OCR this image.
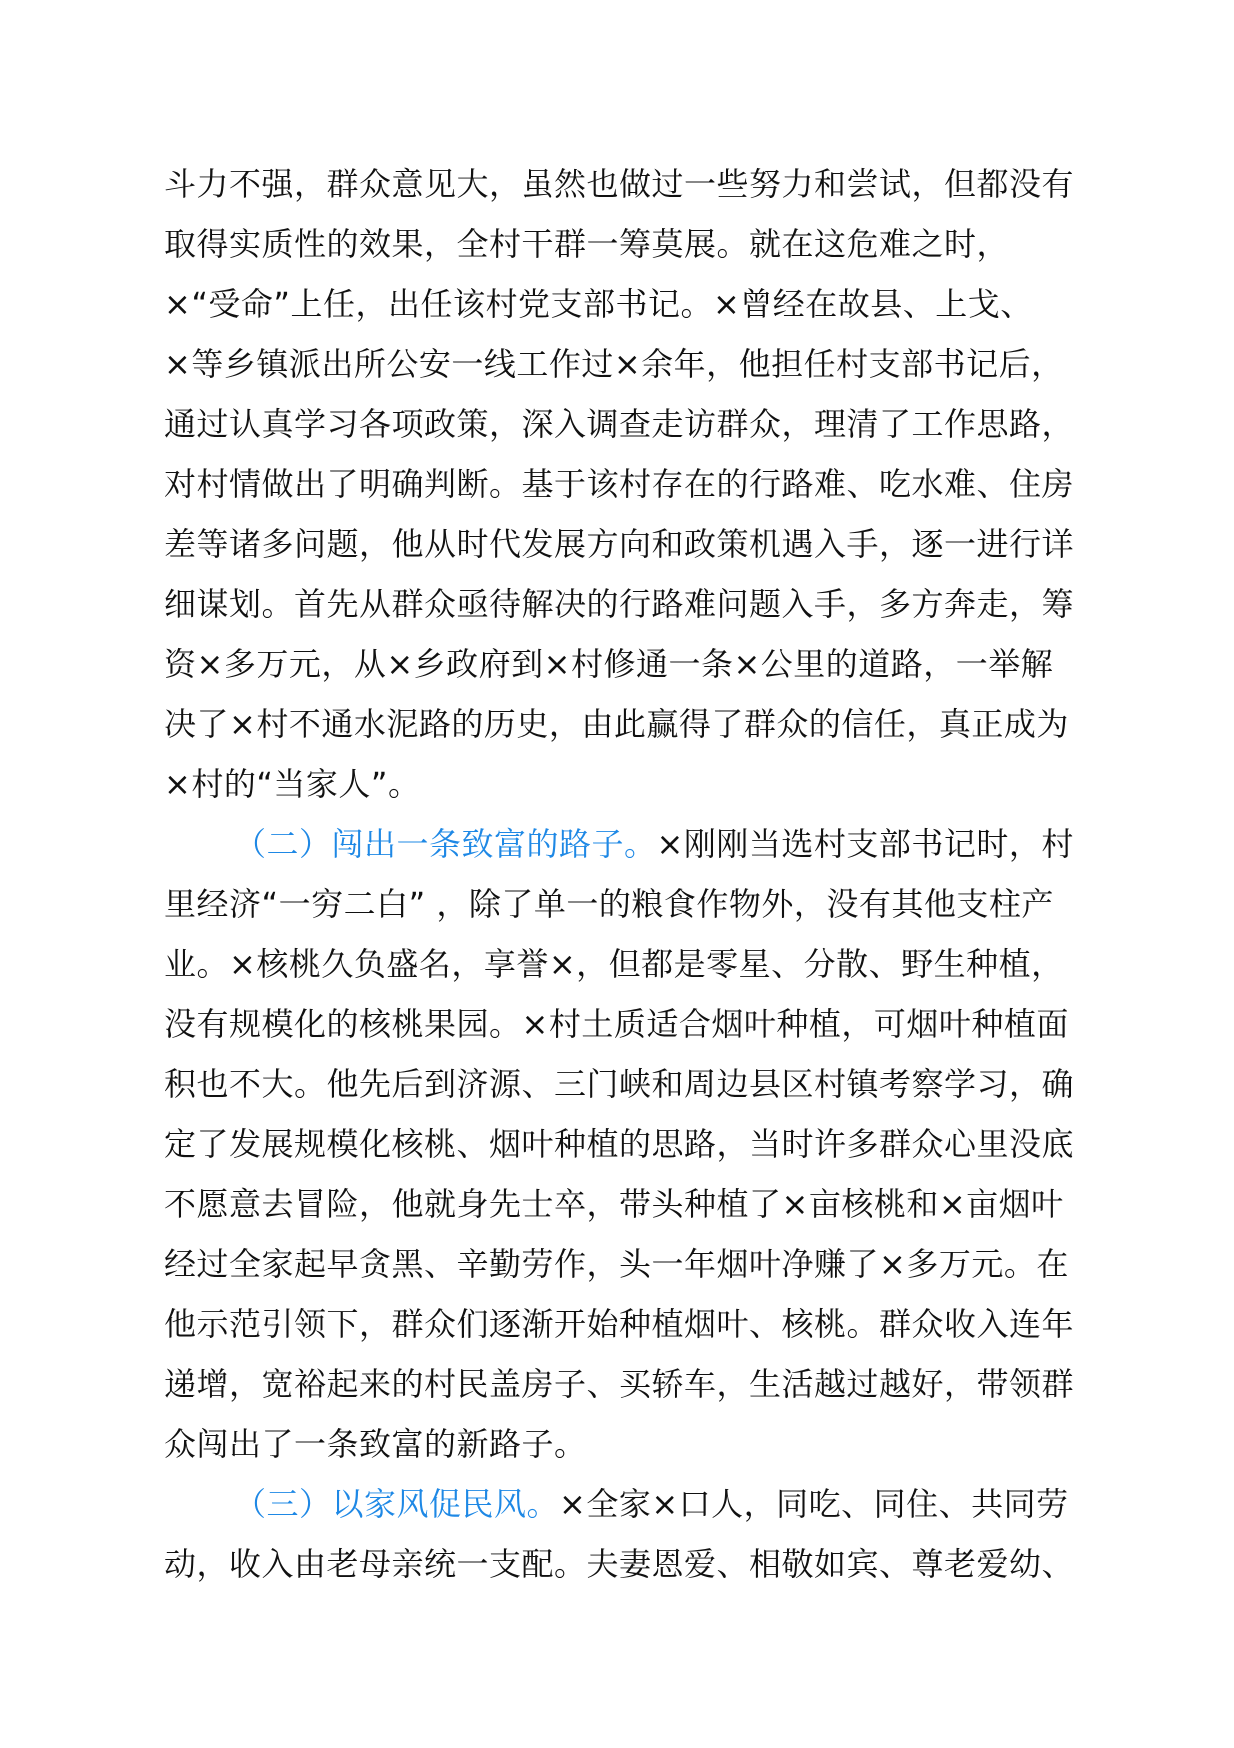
斗力不强，群众意见大，虽然也做过一些努力和尝试，但都没有
取得实质性的效果，全村干群一筹莫展。就在这危难之时，
×“受命”上任，出任该村党支部书记。×曾经在故县、上戈、
×等乡镇派出所公安一线工作过×余年，他担任村支部书记后，
通过认真学习各项政策，深入调查走访群众，理清了工作思路，
对村情做出了明确判断。基于该村存在的行路难、吃水难、住房
差等诸多问题，他从时代发展方向和政策机遇入手，逐一进行详
细谋划。首先从群众亟待解决的行路难问题入手，多方奔走，筹
资×多万元，从×乡政府到×村修通一条×公里的道路，一举解
决了×村不通水泥路的历史，由此赢得了群众的信任，真正成为
×村的“当家人”。
（二）闯出一条致富的路子。×刚刚当选村支部书记时，村
里经济“一穷二白” ，除了单一的粮食作物外，没有其他支柱产
业。×核桃久负盛名，享誉×，但都是零星、分散、野生种植，
没有规模化的核桃果园。×村土质适合烟叶种植，可烟叶种植面
积也不大。他先后到济源、三门峡和周边县区村镇考察学习，确
定了发展规模化核桃、烟叶种植的思路，当时许多群众心里没底
不愿意去冒险，他就身先士卒，带头种植了×亩核桃和×亩烟叶
经过全家起早贪黑、辛勤劳作，头一年烟叶净赚了×多万元。在
他示范引领下，群众们逐渐开始种植烟叶、核桃。群众收入连年
递增，宽裕起来的村民盖房子、买轿车，生活越过越好，带领群
众闯出了一条致富的新路子。
（三）以家风促民风。×全家×口人，同吃、同住、共同劳
动，收入由老母亲统一支配。夫妻恩爱、相敬如宾、尊老爱幼、
